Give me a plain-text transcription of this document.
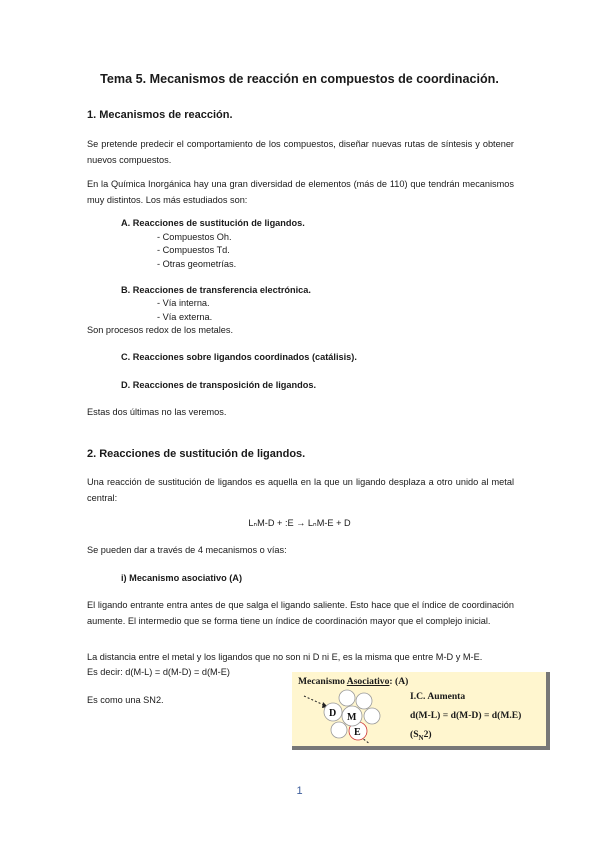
Tema 5. Mecanismos de reacción en compuestos de coordinación.
1. Mecanismos de reacción.
Se pretende predecir el comportamiento de los compuestos, diseñar nuevas rutas de síntesis y obtener nuevos compuestos.
En la Química Inorgánica hay una gran diversidad de elementos (más de 110) que tendrán mecanismos muy distintos. Los más estudiados son:
A. Reacciones de sustitución de ligandos.
- Compuestos Oh.
- Compuestos Td.
- Otras geometrías.
B. Reacciones de transferencia electrónica.
- Vía interna.
- Vía externa.
Son procesos redox de los metales.
C. Reacciones sobre ligandos coordinados (catálisis).
D. Reacciones de transposición de ligandos.
Estas dos últimas no las veremos.
2. Reacciones de sustitución de ligandos.
Una reacción de sustitución de ligandos es aquella en la que un ligando desplaza a otro unido al metal central:
LₙM-D + :E → LₙM-E + D
Se pueden dar a través de 4 mecanismos o vías:
i) Mecanismo asociativo (A)
El ligando entrante entra antes de que salga el ligando saliente. Esto hace que el índice de coordinación aumente. El intermedio que se forma tiene un índice de coordinación mayor que el complejo inicial.
La distancia entre el metal y los ligandos que no son ni D ni E, es la misma que entre M-D y M-E.
Es decir: d(M-L) = d(M-D) = d(M-E)
Es como una SN2.
Mecanismo Asociativo: (A)
I.C. Aumenta
d(M-L) = d(M-D) = d(M.E)
$(S_N2)$
D M
E
1
